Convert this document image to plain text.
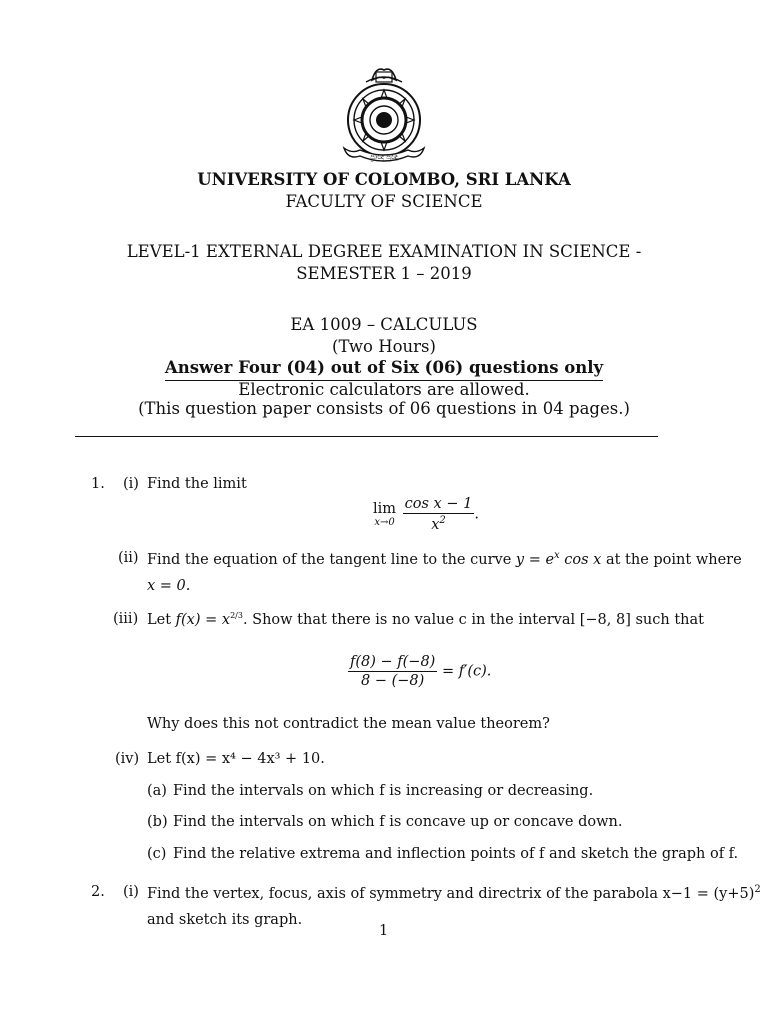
ප්‍රාඥ ප්‍රඥා
UNIVERSITY OF COLOMBO, SRI LANKA
FACULTY OF SCIENCE
LEVEL-1 EXTERNAL DEGREE EXAMINATION IN SCIENCE -
SEMESTER 1 – 2019
EA 1009 – CALCULUS
(Two Hours)
Answer Four (04) out of Six (06) questions only
Electronic calculators are allowed.
(This question paper consists of 06 questions in 04 pages.)
1. (i) Find the limit
lim
x→0
$\frac{\text{cos x − 1}}{x^2}$ .
(ii) Find the equation of the tangent line to the curve $y = e^x$ cos x at the point where
x = 0.
(iii) Let $f(x) = x^{2/3}$. Show that there is no value c in the interval [−8, 8] such that
$\frac{f(8) - f(-8)}{8 - (-8)} = f'(c)$.
Why does this not contradict the mean value theorem?
(iv) Let f(x) = x⁴ − 4x³ + 10.
(a) Find the intervals on which f is increasing or decreasing.
(b) Find the intervals on which f is concave up or concave down.
(c) Find the relative extrema and inflection points of f and sketch the graph of f.
2. (i) Find the vertex, focus, axis of symmetry and directrix of the parabola $x-1 = (y+5)^2$
and sketch its graph.
1
